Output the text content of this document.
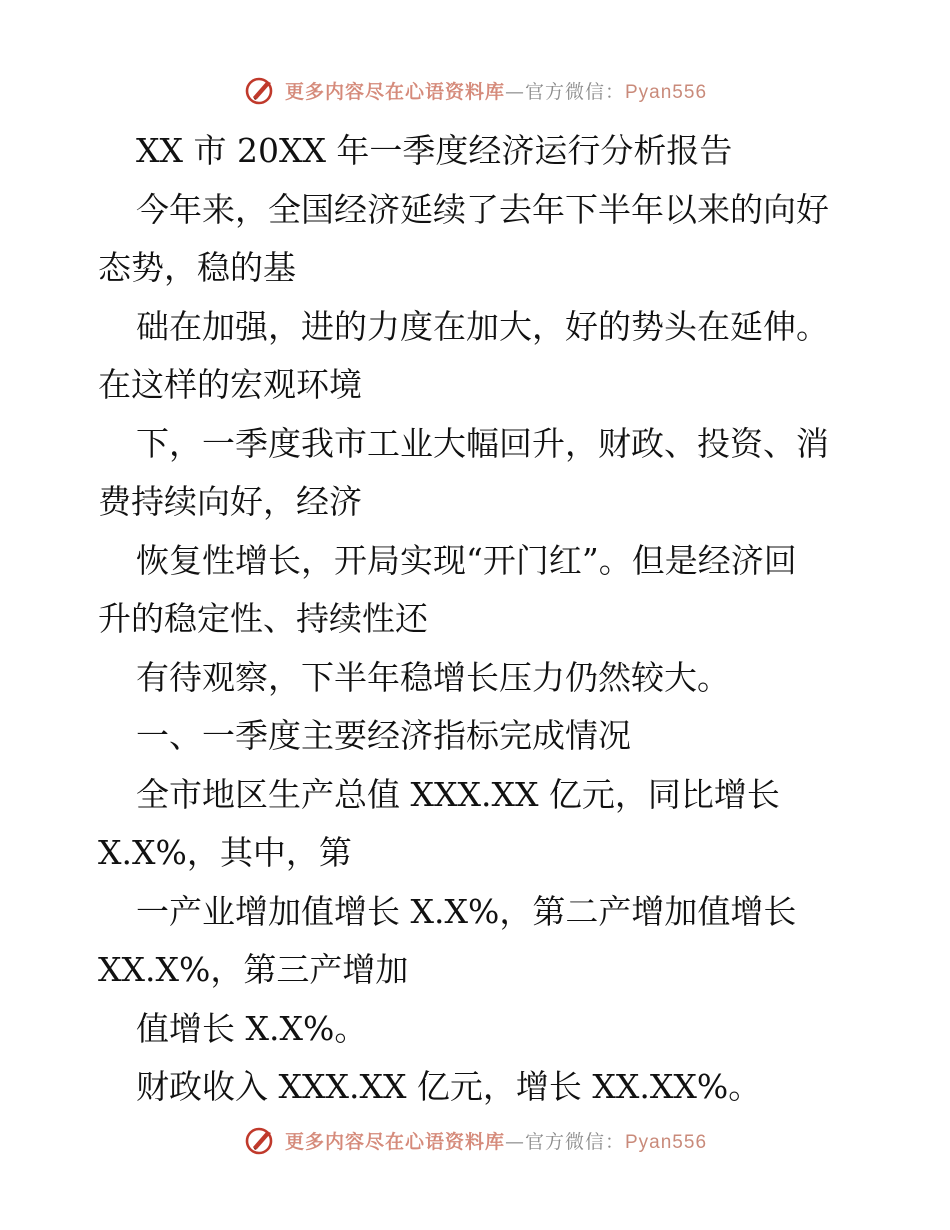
更多内容尽在心语资料库—官方微信：Pyan556
XX 市 20XX 年一季度经济运行分析报告
今年来，全国经济延续了去年下半年以来的向好
态势，稳的基
础在加强，进的力度在加大，好的势头在延伸。
在这样的宏观环境
下，一季度我市工业大幅回升，财政、投资、消
费持续向好，经济
恢复性增长，开局实现“开门红”。但是经济回
升的稳定性、持续性还
有待观察，下半年稳增长压力仍然较大。
一、一季度主要经济指标完成情况
全市地区生产总值 XXX.XX 亿元，同比增长
X.X%，其中，第
一产业增加值增长 X.X%，第二产增加值增长
XX.X%，第三产增加
值增长 X.X%。
财政收入 XXX.XX 亿元，增长 XX.XX%。
更多内容尽在心语资料库—官方微信：Pyan556
